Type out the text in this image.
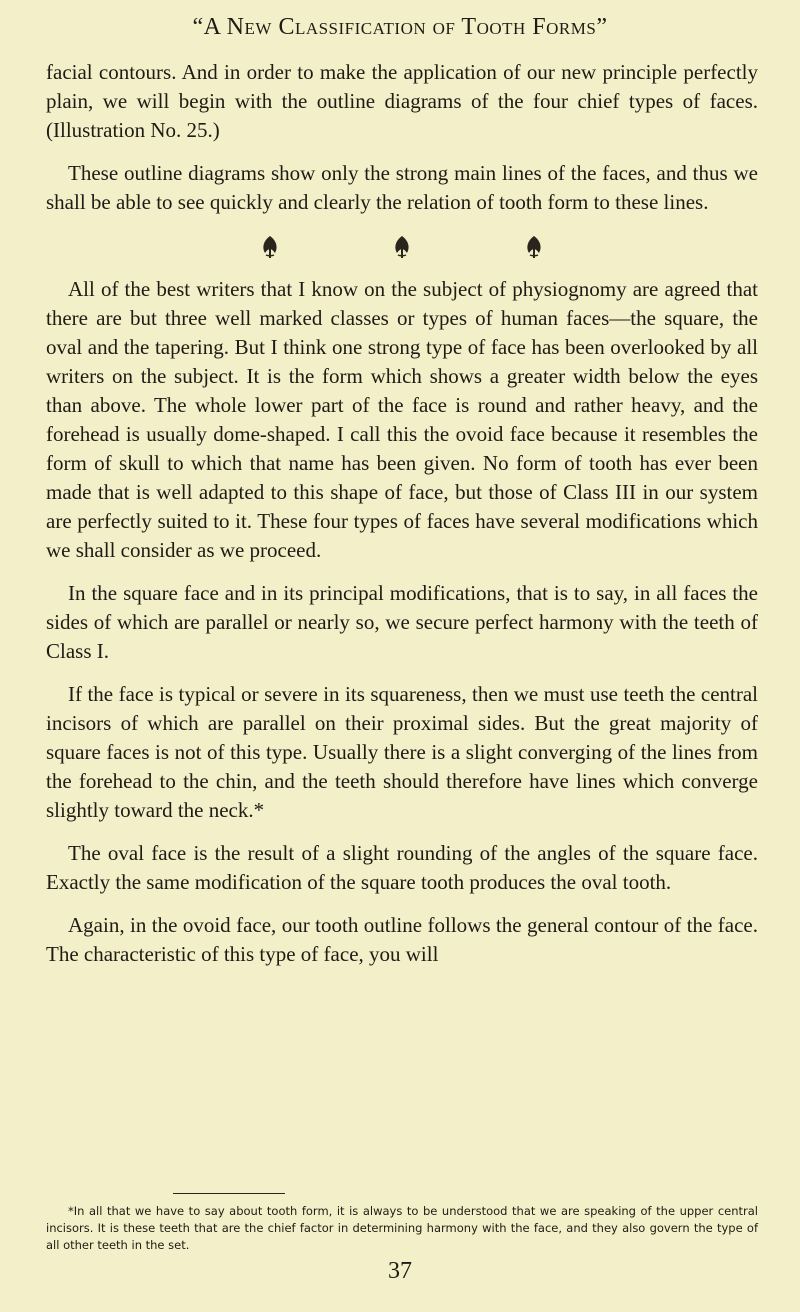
“A New Classification of Tooth Forms”

facial contours. And in order to make the application of our new principle perfectly plain, we will begin with the outline diagrams of the four chief types of faces. (Illustration No. 25.)

These outline diagrams show only the strong main lines of the faces, and thus we shall be able to see quickly and clearly the relation of tooth form to these lines.

All of the best writers that I know on the subject of physiognomy are agreed that there are but three well marked classes or types of human faces—the square, the oval and the tapering. But I think one strong type of face has been overlooked by all writers on the subject. It is the form which shows a greater width below the eyes than above. The whole lower part of the face is round and rather heavy, and the forehead is usually dome-shaped. I call this the ovoid face because it resembles the form of skull to which that name has been given. No form of tooth has ever been made that is well adapted to this shape of face, but those of Class III in our system are perfectly suited to it. These four types of faces have several modifications which we shall consider as we proceed.

In the square face and in its principal modifications, that is to say, in all faces the sides of which are parallel or nearly so, we secure perfect harmony with the teeth of Class I.

If the face is typical or severe in its squareness, then we must use teeth the central incisors of which are parallel on their proximal sides. But the great majority of square faces is not of this type. Usually there is a slight converging of the lines from the forehead to the chin, and the teeth should therefore have lines which converge slightly toward the neck.*

The oval face is the result of a slight rounding of the angles of the square face. Exactly the same modification of the square tooth produces the oval tooth.

Again, in the ovoid face, our tooth outline follows the general contour of the face. The characteristic of this type of face, you will

*In all that we have to say about tooth form, it is always to be understood that we are speaking of the upper central incisors. It is these teeth that are the chief factor in determining harmony with the face, and they also govern the type of all other teeth in the set.
37
